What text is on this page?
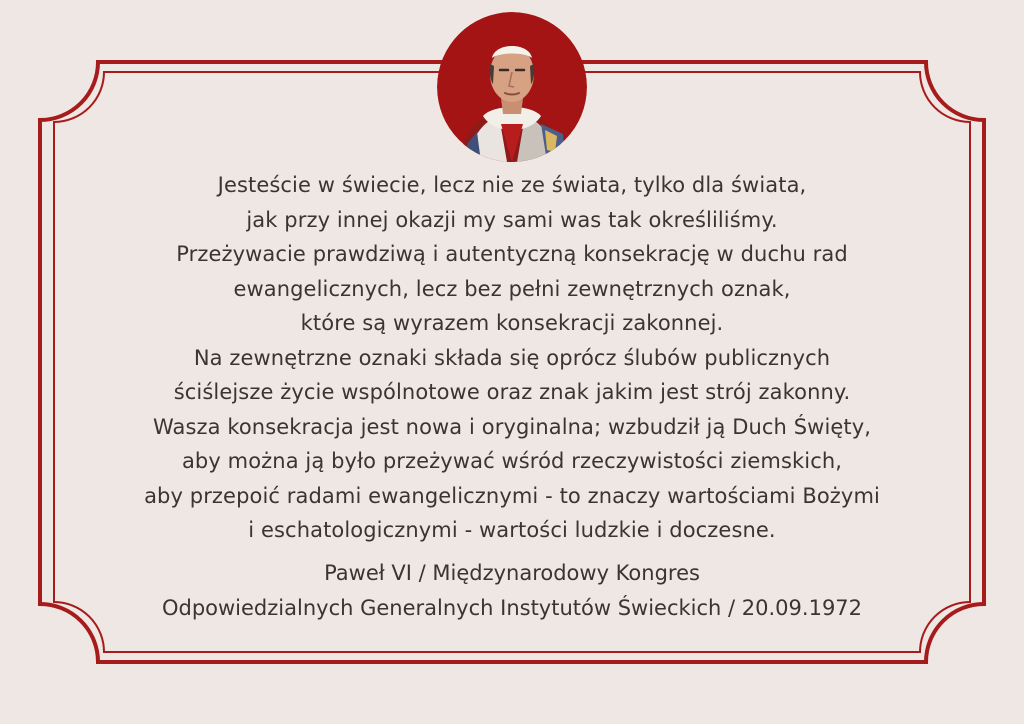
Jesteście w świecie, lecz nie ze świata, tylko dla świata,
jak przy innej okazji my sami was tak określiliśmy.
Przeżywacie prawdziwą i autentyczną konsekrację w duchu rad
ewangelicznych, lecz bez pełni zewnętrznych oznak,
które są wyrazem konsekracji zakonnej.
Na zewnętrzne oznaki składa się oprócz ślubów publicznych
ściślejsze życie wspólnotowe oraz znak jakim jest strój zakonny.
Wasza konsekracja jest nowa i oryginalna; wzbudził ją Duch Święty,
aby można ją było przeżywać wśród rzeczywistości ziemskich,
aby przepoić radami ewangelicznymi - to znaczy wartościami Bożymi
i eschatologicznymi - wartości ludzkie i doczesne.
Paweł VI / Międzynarodowy Kongres
Odpowiedzialnych Generalnych Instytutów Świeckich / 20.09.1972
